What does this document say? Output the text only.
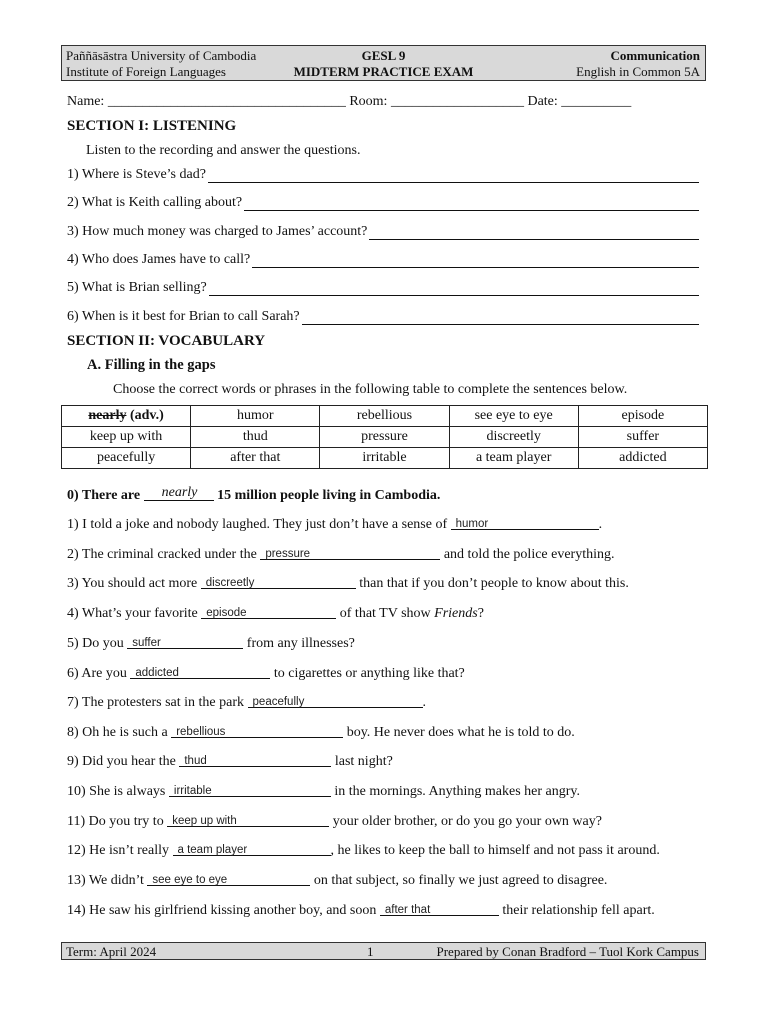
Paññāsāstra University of Cambodia
Institute of Foreign Languages
GESL 9
MIDTERM PRACTICE EXAM
Communication
English in Common 5A
Name: __________________________________ Room: ___________________ Date: __________
SECTION I: LISTENING
Listen to the recording and answer the questions.
1) Where is Steve’s dad?
2) What is Keith calling about?
3) How much money was charged to James’ account?
4) Who does James have to call?
5) What is Brian selling?
6) When is it best for Brian to call Sarah?
SECTION II: VOCABULARY
A. Filling in the gaps
Choose the correct words or phrases in the following table to complete the sentences below.
nearly (adv.)	humor	rebellious	see eye to eye	episode
keep up with	thud	pressure	discreetly	suffer
peacefully	after that	irritable	a team player	addicted
0) There are nearly 15 million people living in Cambodia.
1) I told a joke and nobody laughed. They just don’t have a sense of humor	.
2) The criminal cracked under the pressure	and told the police everything.
3) You should act more discreetly	than that if you don’t people to know about this.
4) What’s your favorite episode	of that TV show Friends?
5) Do you suffer	from any illnesses?
6) Are you addicted	to cigarettes or anything like that?
7) The protesters sat in the park peacefully	.
8) Oh he is such a rebellious	boy. He never does what he is told to do.
9) Did you hear the thud	last night?
10) She is always irritable	in the mornings. Anything makes her angry.
11) Do you try to keep up with	your older brother, or do you go your own way?
12) He isn’t really a team player	, he likes to keep the ball to himself and not pass it around.
13) We didn’t see eye to eye	on that subject, so finally we just agreed to disagree.
14) He saw his girlfriend kissing another boy, and soon after that	their relationship fell apart.
Term: April 2024	1	Prepared by Conan Bradford – Tuol Kork Campus
